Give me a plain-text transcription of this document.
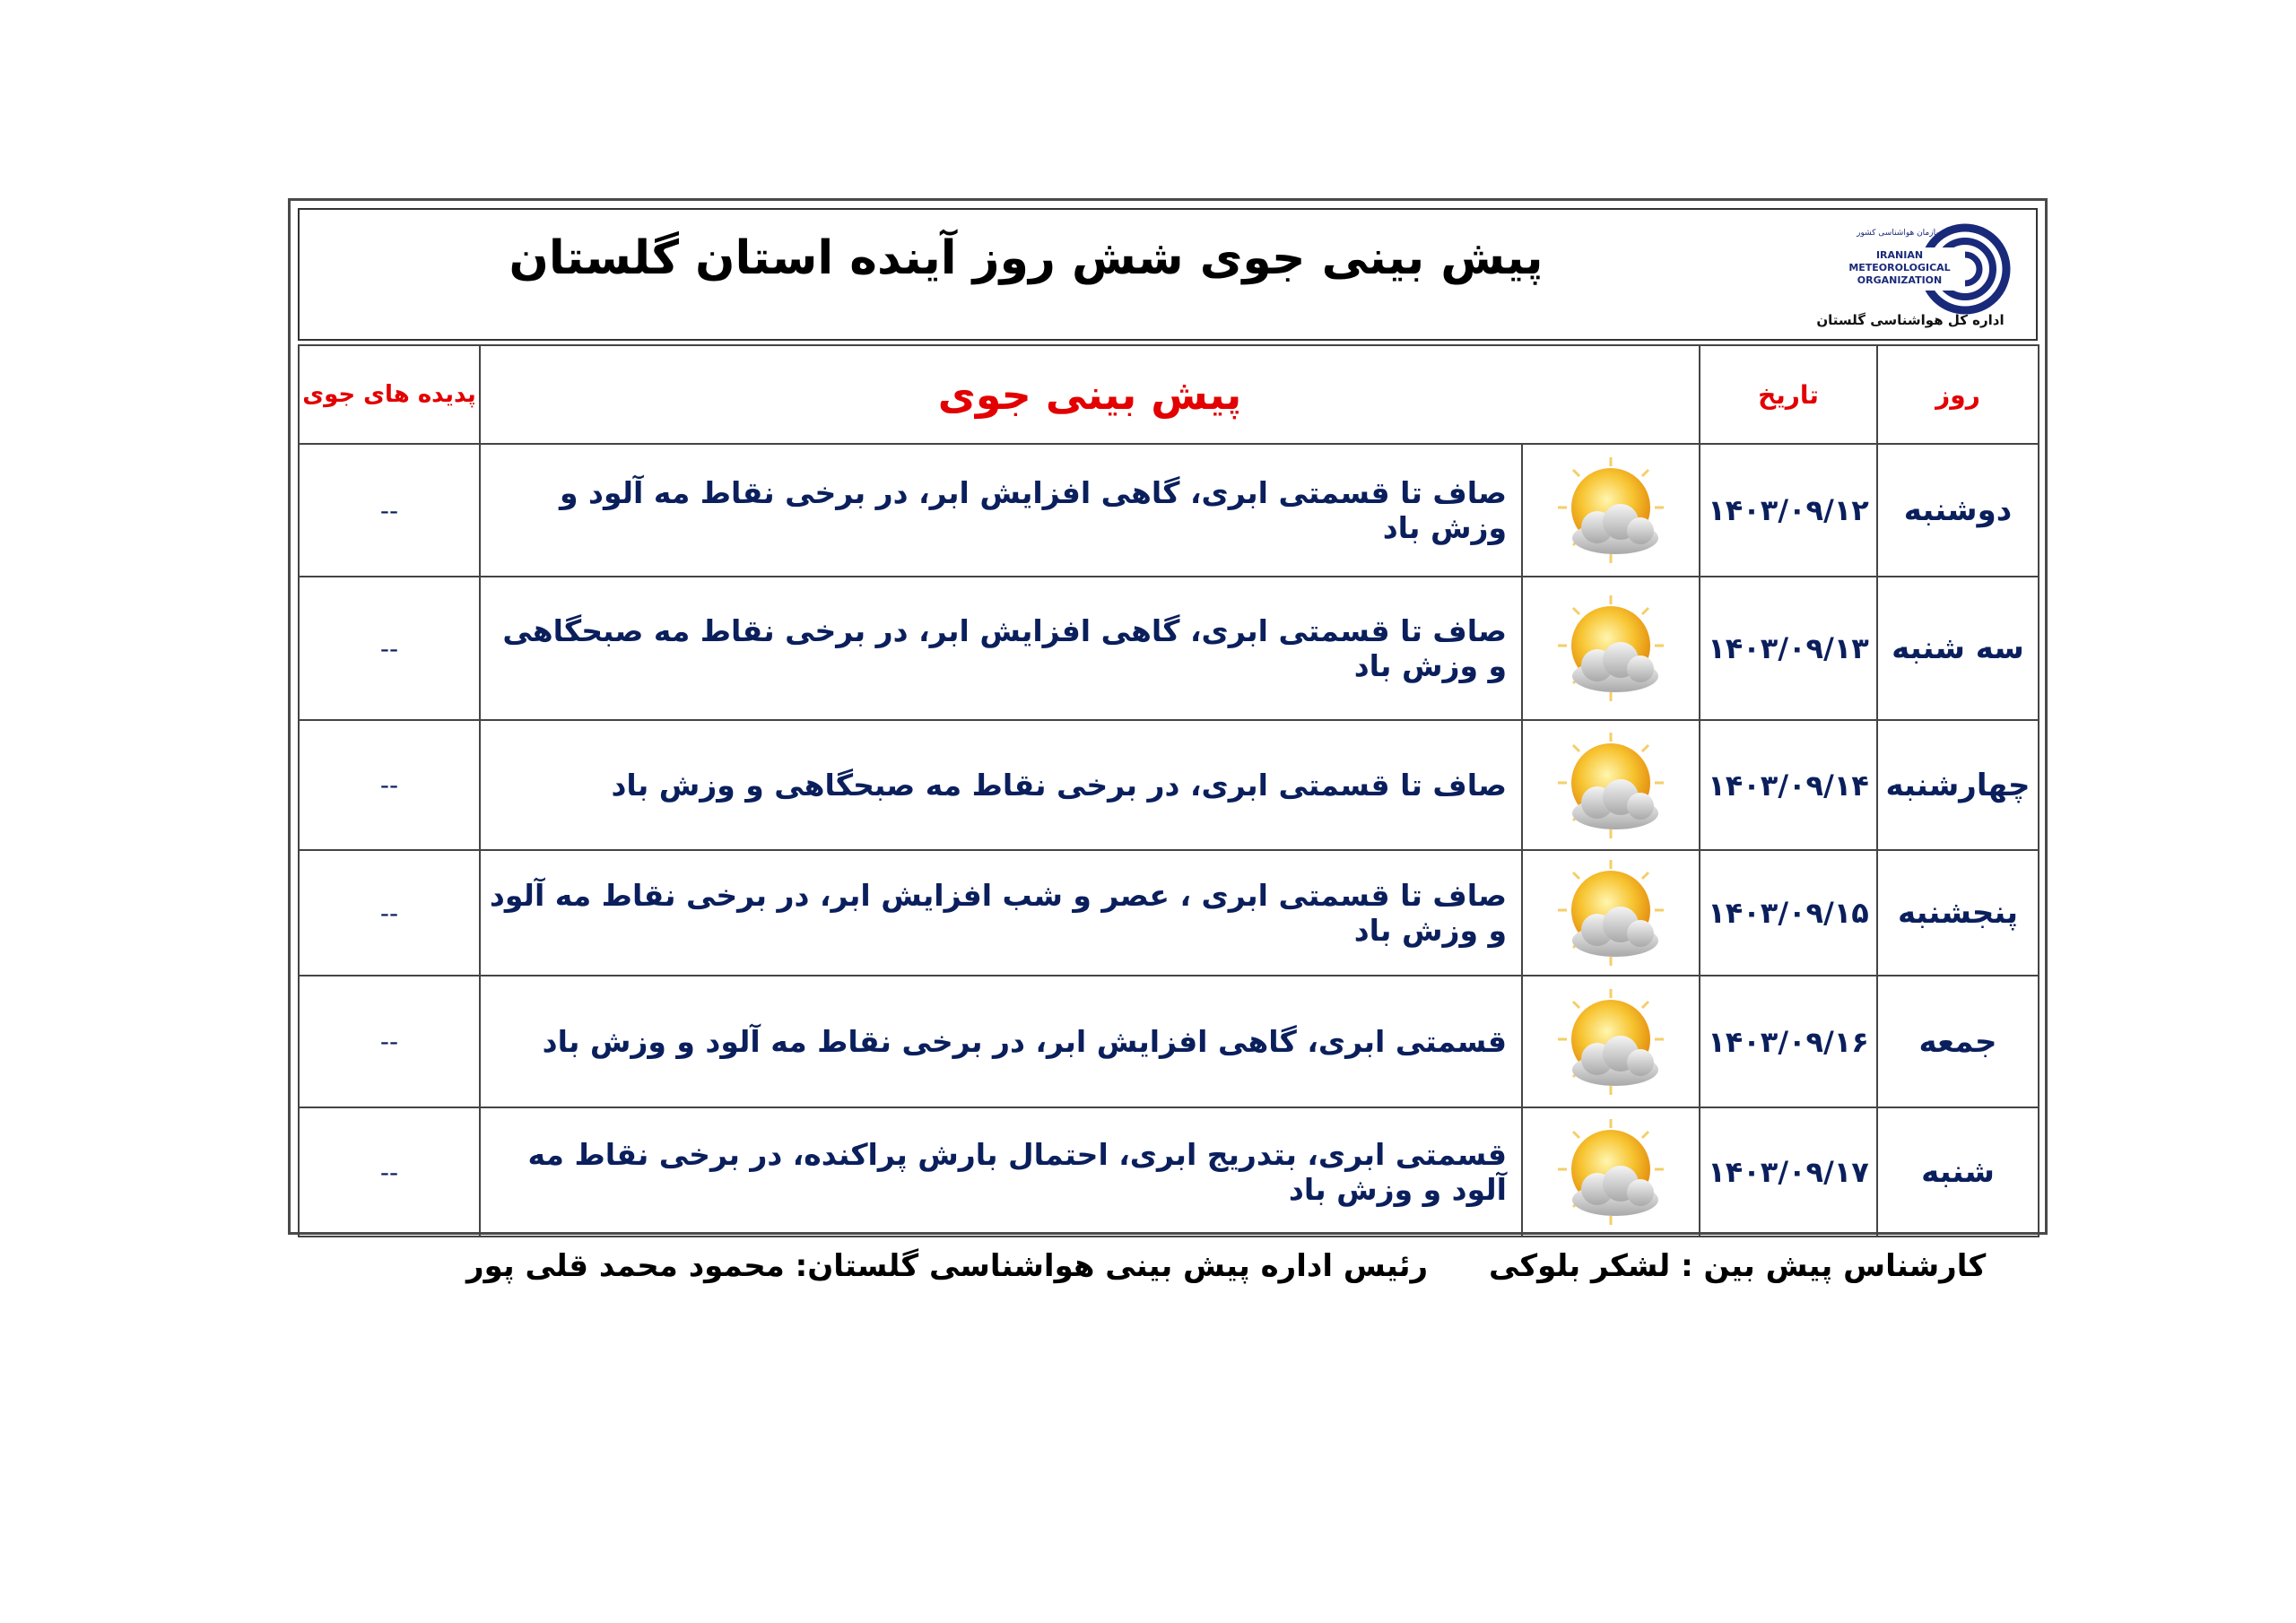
پیش بینی جوی شش روز آینده استان گلستان	سازمان هواشناسی کشور
IRANIAN
METEOROLOGICAL
ORGANIZATION
اداره کل هواشناسی گلستان
روز	تاریخ	پیش بینی جوی		پدیده های جوی
دوشنبه	۱۴۰۳/۰۹/۱۲		صاف تا قسمتی ابری، گاهی افزایش ابر، در برخی نقاط مه آلود و وزش باد	--
سه شنبه	۱۴۰۳/۰۹/۱۳		صاف تا قسمتی ابری، گاهی افزایش ابر، در برخی نقاط مه صبحگاهی و وزش باد	--
چهارشنبه	۱۴۰۳/۰۹/۱۴		صاف تا قسمتی ابری، در برخی نقاط مه صبحگاهی و وزش باد	--
پنجشنبه	۱۴۰۳/۰۹/۱۵		صاف تا قسمتی ابری ، عصر و شب افزایش ابر، در برخی نقاط مه آلود و وزش باد	--
جمعه	۱۴۰۳/۰۹/۱۶		قسمتی ابری، گاهی افزایش ابر، در برخی نقاط مه آلود و وزش باد	--
شنبه	۱۴۰۳/۰۹/۱۷		قسمتی ابری، بتدریج ابری، احتمال بارش پراکنده، در برخی نقاط مه آلود و وزش باد	--
کارشناس پیش بین : لشکر بلوکی
رئیس اداره پیش بینی هواشناسی گلستان: محمود محمد قلی پور
